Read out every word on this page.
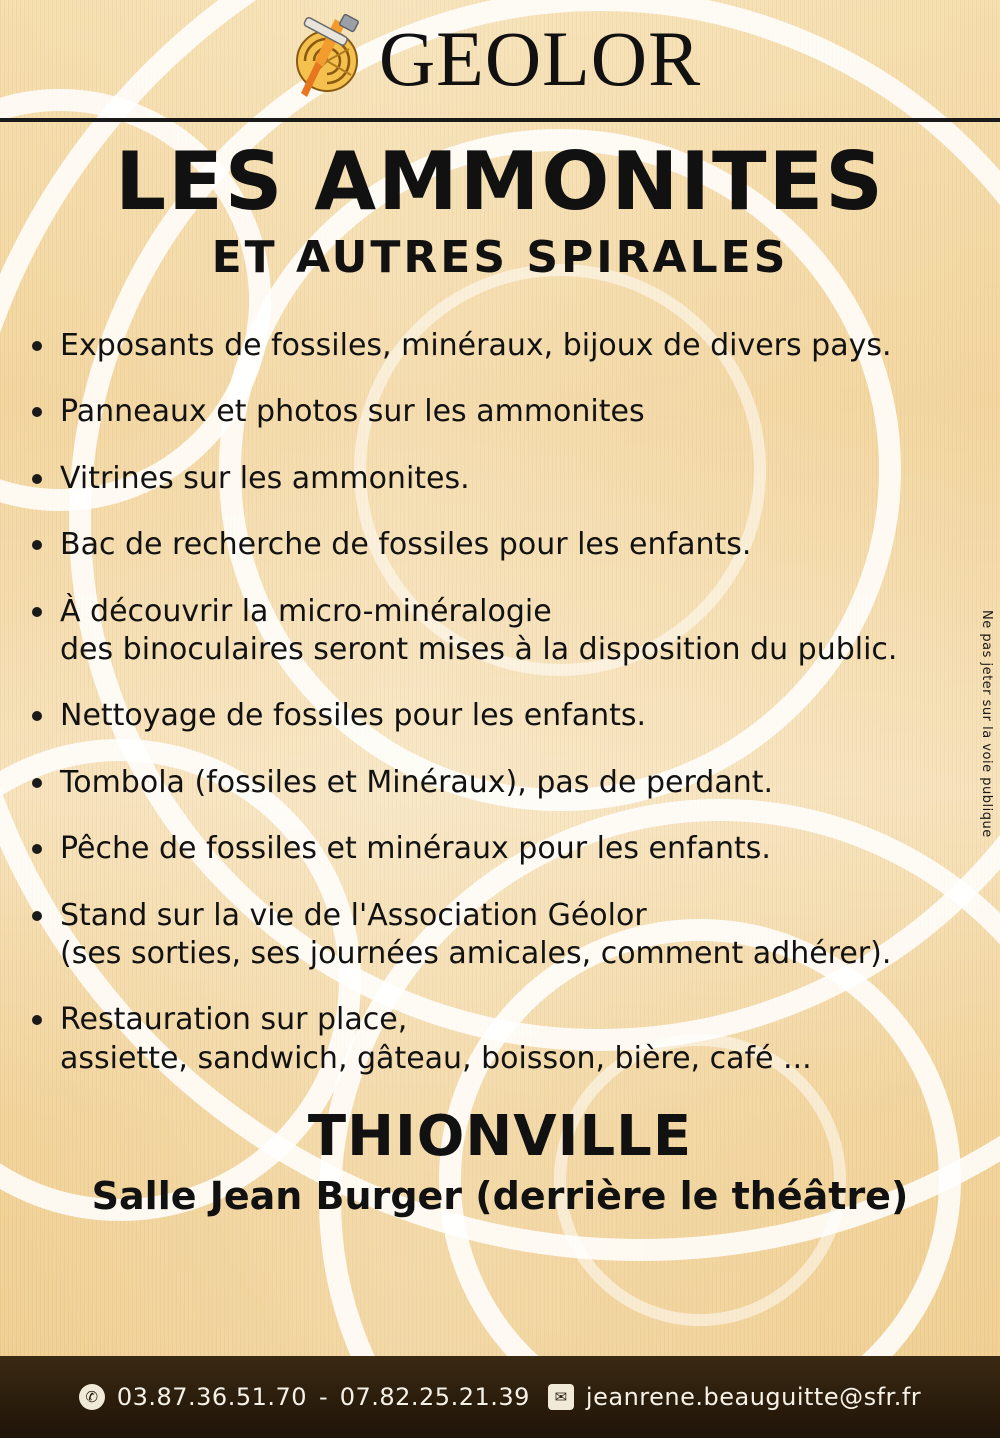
GEOLOR
LES AMMONITES
ET AUTRES SPIRALES
Exposants de fossiles, minéraux, bijoux de divers pays.
Panneaux et photos sur les ammonites
Vitrines sur les ammonites.
Bac de recherche de fossiles pour les enfants.
À découvrir la micro-minéralogie
des binoculaires seront mises à la disposition du public.
Nettoyage de fossiles pour les enfants.
Tombola (fossiles et Minéraux), pas de perdant.
Pêche de fossiles et minéraux pour les enfants.
Stand sur la vie de l'Association Géolor
(ses sorties, ses journées amicales, comment adhérer).
Restauration sur place,
assiette, sandwich, gâteau, boisson, bière, café ...
THIONVILLE
Salle Jean Burger (derrière le théâtre)
Ne pas jeter sur la voie publique
✆ 03.87.36.51.70 - 07.82.25.21.39	✉ jeanrene.beauguitte@sfr.fr
